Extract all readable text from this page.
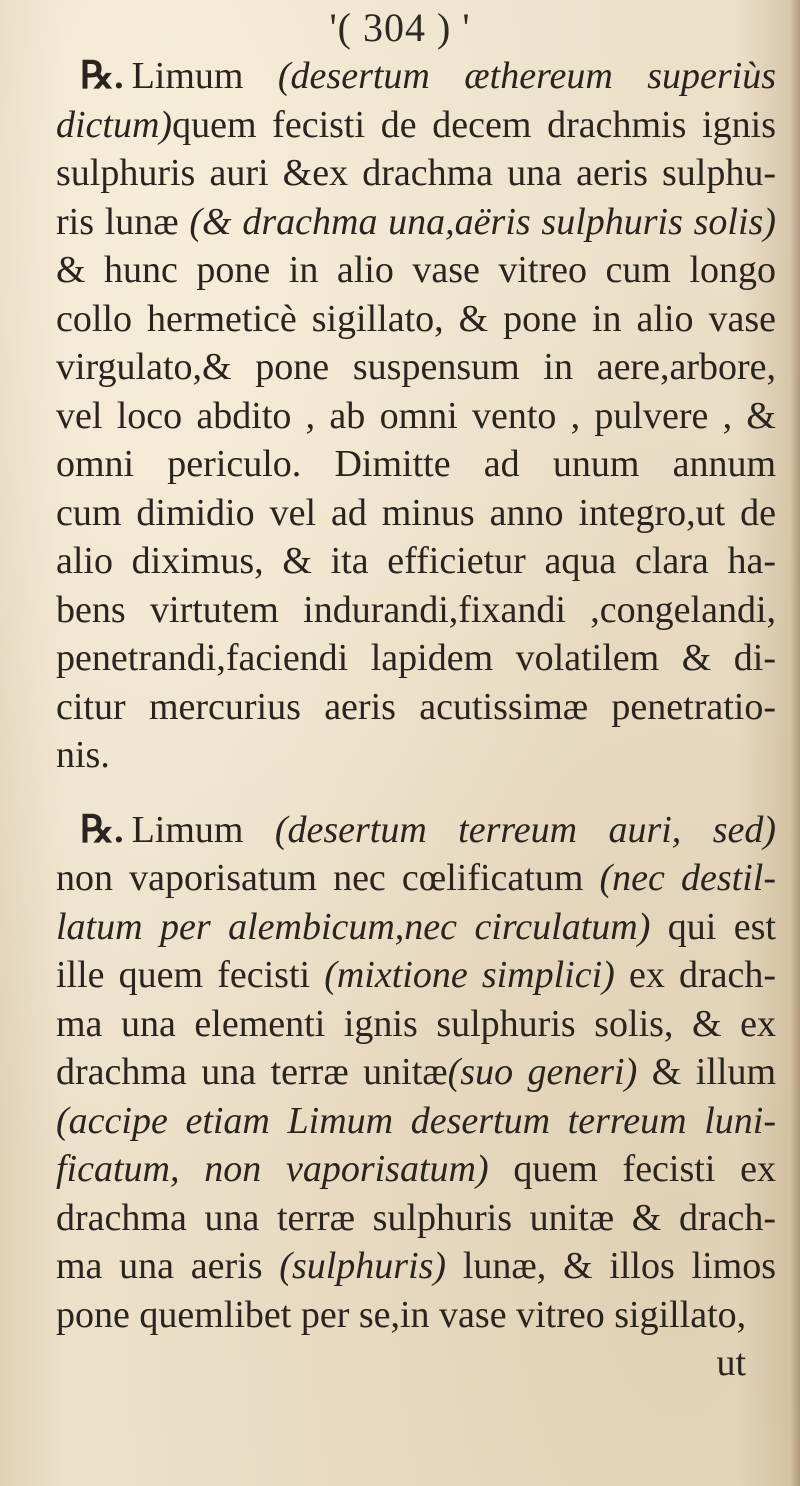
'( 304 ) '
℞. Limum (desertum æthereum superiùs
dictum)quem fecisti de decem drachmis ignis
sulphuris auri &ex drachma una aeris sulphu-
ris lunæ (& drachma una,aëris sulphuris solis)
& hunc pone in alio vase vitreo cum longo
collo hermeticè sigillato, & pone in alio vase
virgulato,& pone suspensum in aere,arbore,
vel loco abdito , ab omni vento , pulvere , &
omni periculo. Dimitte ad unum annum
cum dimidio vel ad minus anno integro,ut de
alio diximus, & ita efficietur aqua clara ha-
bens virtutem indurandi,fixandi ,congelandi,
penetrandi,faciendi lapidem volatilem & di-
citur mercurius aeris acutissimæ penetratio-
nis.
℞. Limum (desertum terreum auri, sed)
non vaporisatum nec cœlificatum (nec destil-
latum per alembicum,nec circulatum) qui est
ille quem fecisti (mixtione simplici) ex drach-
ma una elementi ignis sulphuris solis, & ex
drachma una terræ unitæ(suo generi) & illum
(accipe etiam Limum desertum terreum luni-
ficatum, non vaporisatum) quem fecisti ex
drachma una terræ sulphuris unitæ & drach-
ma una aeris (sulphuris) lunæ, & illos limos
pone quemlibet per se,in vase vitreo sigillato,
ut
